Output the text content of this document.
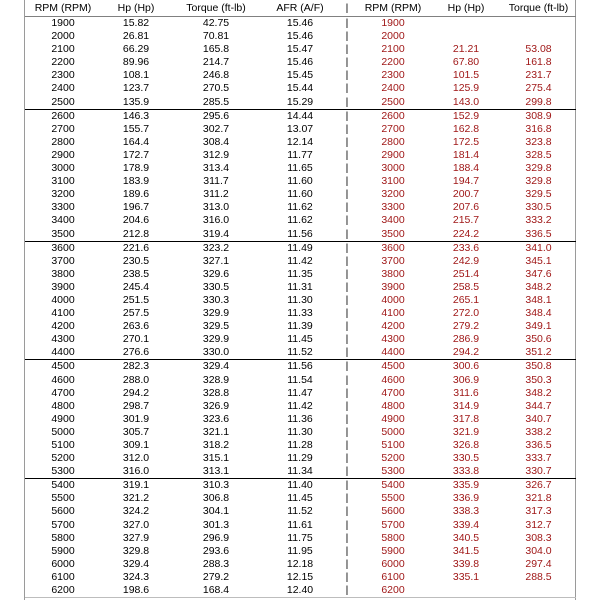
RPM (RPM)	Hp (Hp)	Torque (ft-lb)	AFR (A/F)	|	RPM (RPM)	Hp (Hp)	Torque (ft-lb)
1900	15.82	42.75	15.46	|	1900		
2000	26.81	70.81	15.46	|	2000		
2100	66.29	165.8	15.47	|	2100	21.21	53.08
2200	89.96	214.7	15.46	|	2200	67.80	161.8
2300	108.1	246.8	15.45	|	2300	101.5	231.7
2400	123.7	270.5	15.44	|	2400	125.9	275.4
2500	135.9	285.5	15.29	|	2500	143.0	299.8
2600	146.3	295.6	14.44	|	2600	152.9	308.9
2700	155.7	302.7	13.07	|	2700	162.8	316.8
2800	164.4	308.4	12.14	|	2800	172.5	323.8
2900	172.7	312.9	11.77	|	2900	181.4	328.5
3000	178.9	313.4	11.65	|	3000	188.4	329.8
3100	183.9	311.7	11.60	|	3100	194.7	329.8
3200	189.6	311.2	11.60	|	3200	200.7	329.5
3300	196.7	313.0	11.62	|	3300	207.6	330.5
3400	204.6	316.0	11.62	|	3400	215.7	333.2
3500	212.8	319.4	11.56	|	3500	224.2	336.5
3600	221.6	323.2	11.49	|	3600	233.6	341.0
3700	230.5	327.1	11.42	|	3700	242.9	345.1
3800	238.5	329.6	11.35	|	3800	251.4	347.6
3900	245.4	330.5	11.31	|	3900	258.5	348.2
4000	251.5	330.3	11.30	|	4000	265.1	348.1
4100	257.5	329.9	11.33	|	4100	272.0	348.4
4200	263.6	329.5	11.39	|	4200	279.2	349.1
4300	270.1	329.9	11.45	|	4300	286.9	350.6
4400	276.6	330.0	11.52	|	4400	294.2	351.2
4500	282.3	329.4	11.56	|	4500	300.6	350.8
4600	288.0	328.9	11.54	|	4600	306.9	350.3
4700	294.2	328.8	11.47	|	4700	311.6	348.2
4800	298.7	326.9	11.42	|	4800	314.9	344.7
4900	301.9	323.6	11.36	|	4900	317.8	340.7
5000	305.7	321.1	11.30	|	5000	321.9	338.2
5100	309.1	318.2	11.28	|	5100	326.8	336.5
5200	312.0	315.1	11.29	|	5200	330.5	333.7
5300	316.0	313.1	11.34	|	5300	333.8	330.7
5400	319.1	310.3	11.40	|	5400	335.9	326.7
5500	321.2	306.8	11.45	|	5500	336.9	321.8
5600	324.2	304.1	11.52	|	5600	338.3	317.3
5700	327.0	301.3	11.61	|	5700	339.4	312.7
5800	327.9	296.9	11.75	|	5800	340.5	308.3
5900	329.8	293.6	11.95	|	5900	341.5	304.0
6000	329.4	288.3	12.18	|	6000	339.8	297.4
6100	324.3	279.2	12.15	|	6100	335.1	288.5
6200	198.6	168.4	12.40	|	6200		
